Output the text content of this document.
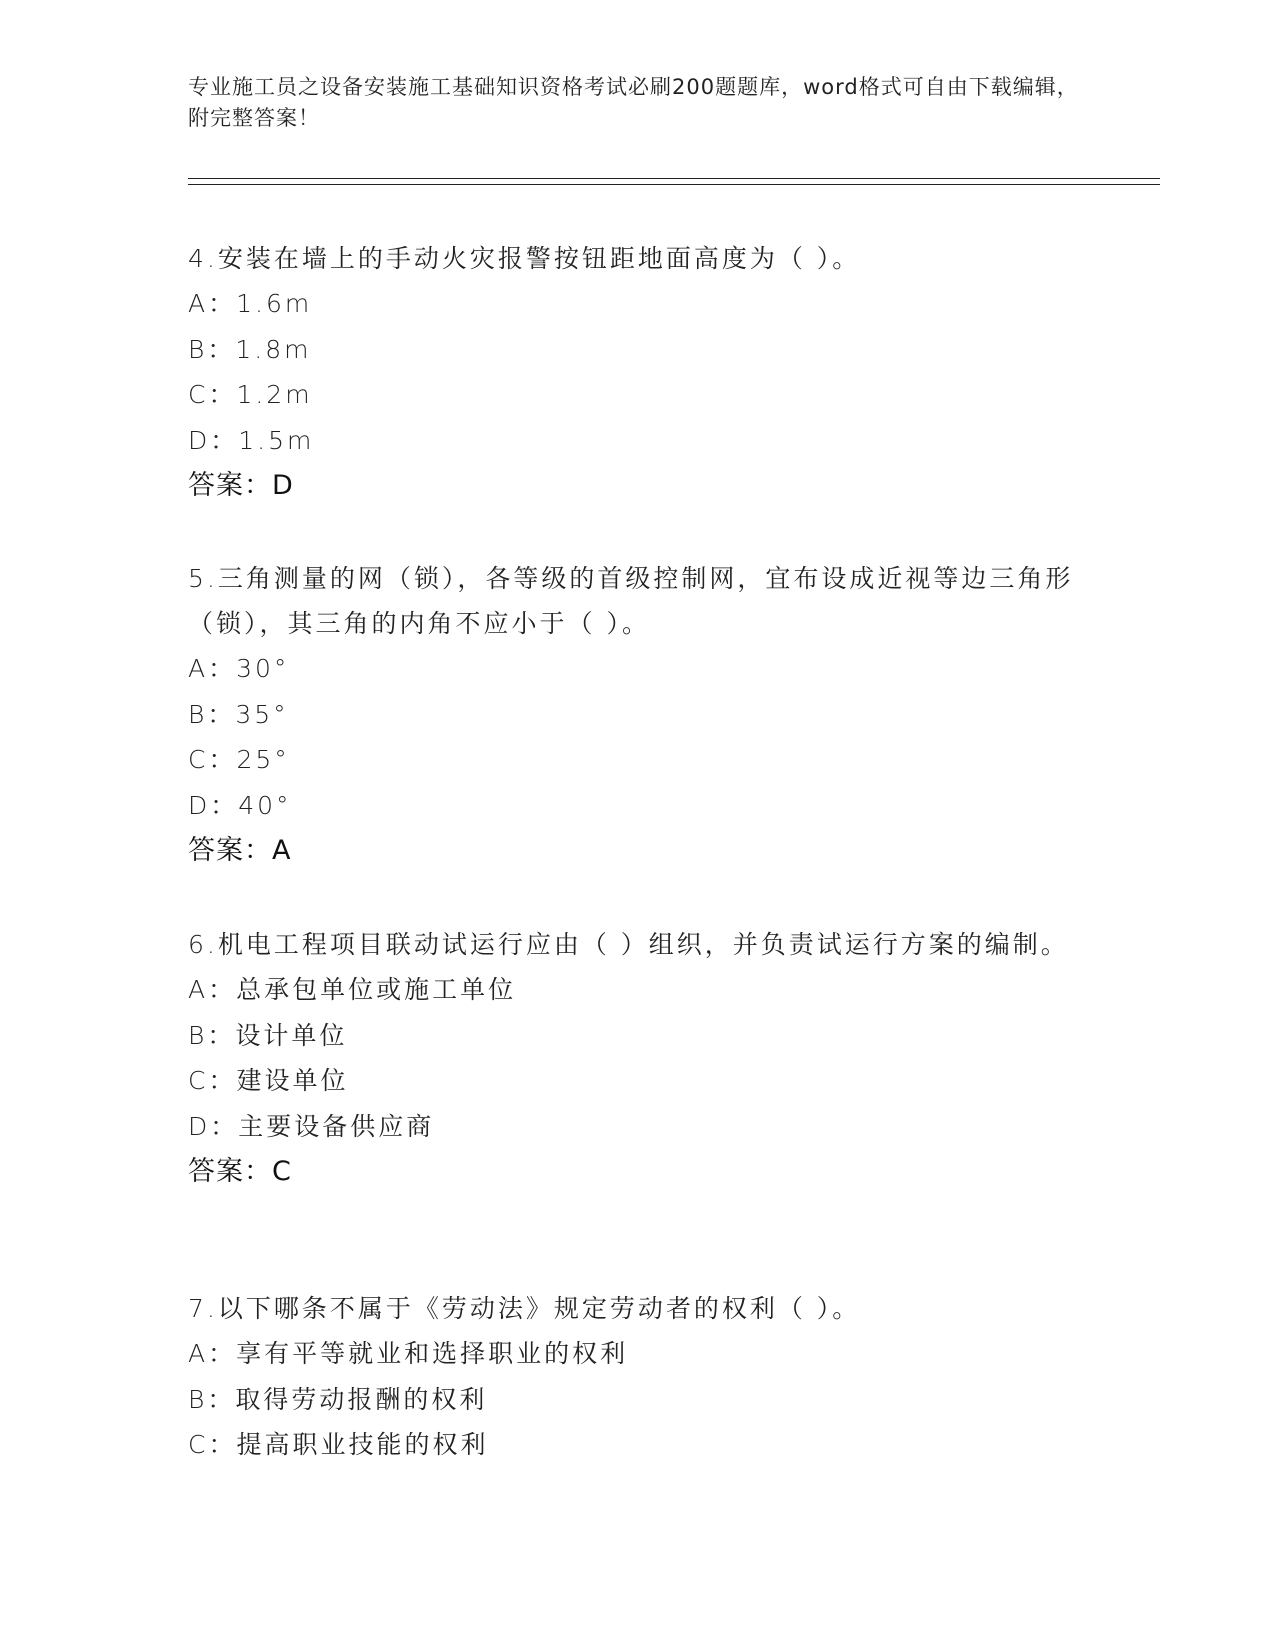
专业施工员之设备安装施工基础知识资格考试必刷200题题库，word格式可自由下载编辑，附完整答案！

4.安装在墙上的手动火灾报警按钮距地面高度为（ ）。

A：1.6m

B：1.8m

C：1.2m

D：1.5m

答案：D

5.三角测量的网（锁），各等级的首级控制网，宜布设成近视等边三角形（锁），其三角的内角不应小于（ ）。

A：30°

B：35°

C：25°

D：40°

答案：A

6.机电工程项目联动试运行应由（ ）组织，并负责试运行方案的编制。

A：总承包单位或施工单位

B：设计单位

C：建设单位

D：主要设备供应商

答案：C

7.以下哪条不属于《劳动法》规定劳动者的权利（ ）。

A：享有平等就业和选择职业的权利

B：取得劳动报酬的权利

C：提高职业技能的权利
